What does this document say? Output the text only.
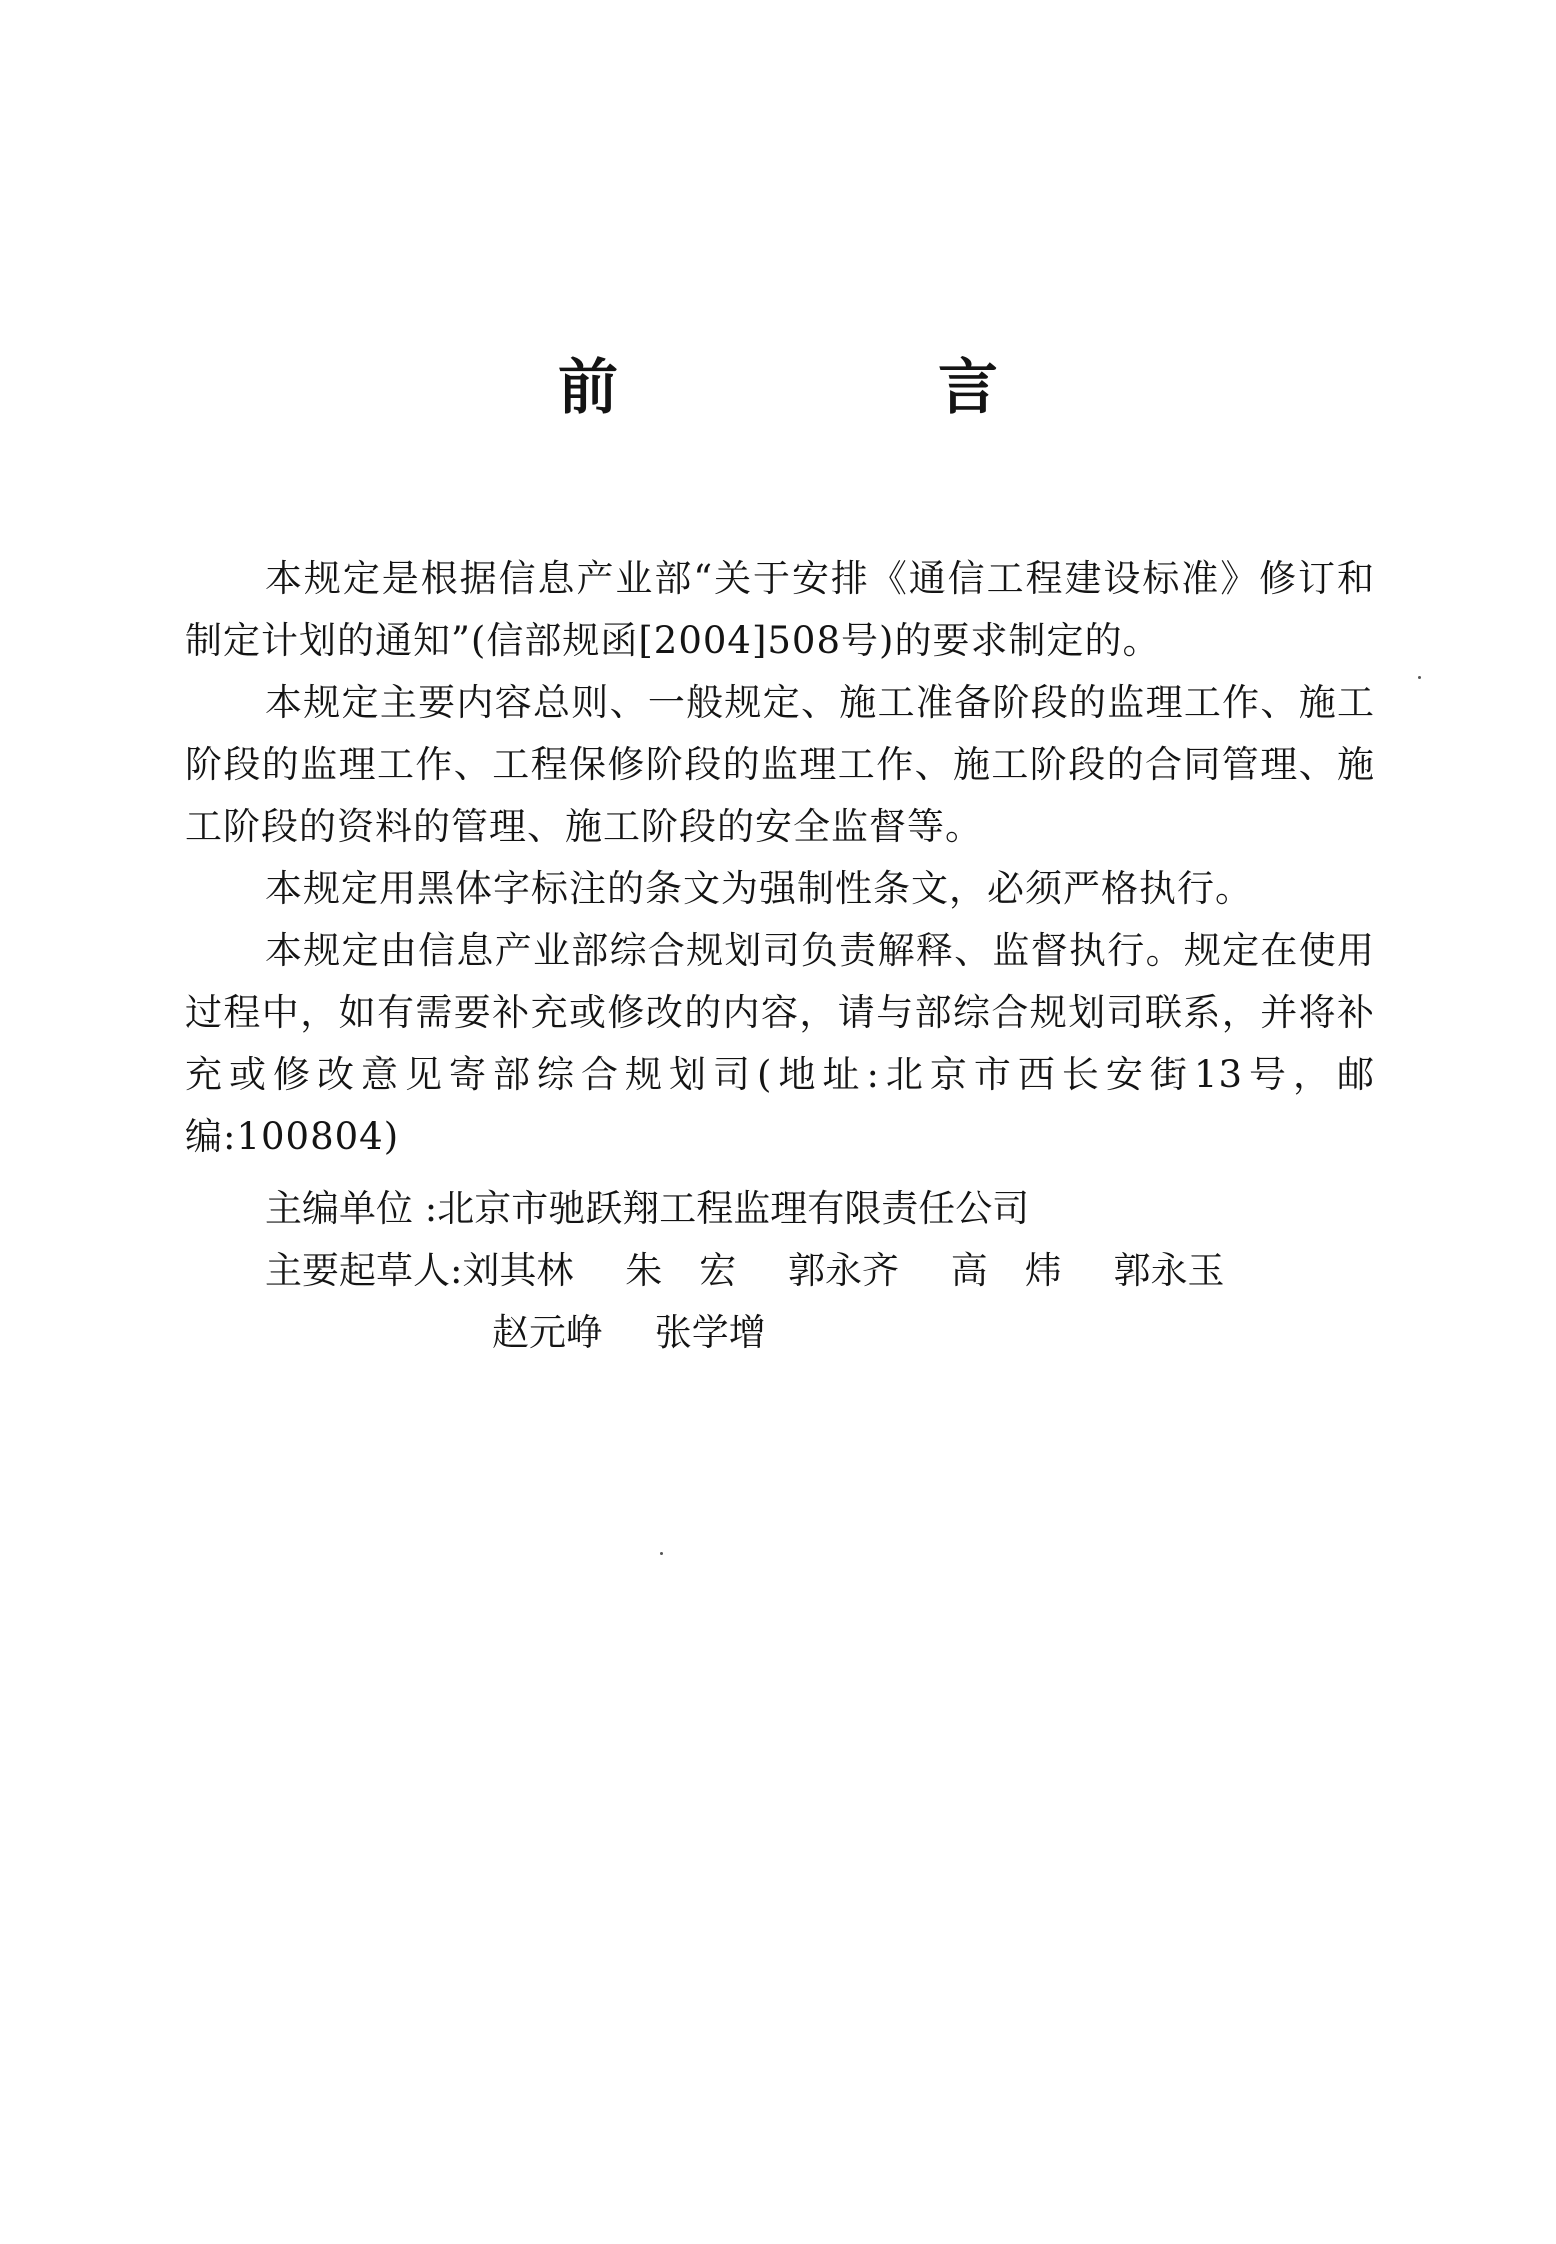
前　言

本规定是根据信息产业部“关于安排《通信工程建设标准》修订和制定计划的通知”(信部规函[2004]508号)的要求制定的。

本规定主要内容总则、一般规定、施工准备阶段的监理工作、施工阶段的监理工作、工程保修阶段的监理工作、施工阶段的合同管理、施工阶段的资料的管理、施工阶段的安全监督等。

本规定用黑体字标注的条文为强制性条文，必须严格执行。

本规定由信息产业部综合规划司负责解释、监督执行。规定在使用过程中，如有需要补充或修改的内容，请与部综合规划司联系，并将补充或修改意见寄部综合规划司(地址:北京市西长安街13号，邮编:100804)

主编单位 : 北京市驰跃翔工程监理有限责任公司
主要起草人: 刘其林 朱　宏 郭永齐 高　炜 郭永玉
赵元峥 张学增
